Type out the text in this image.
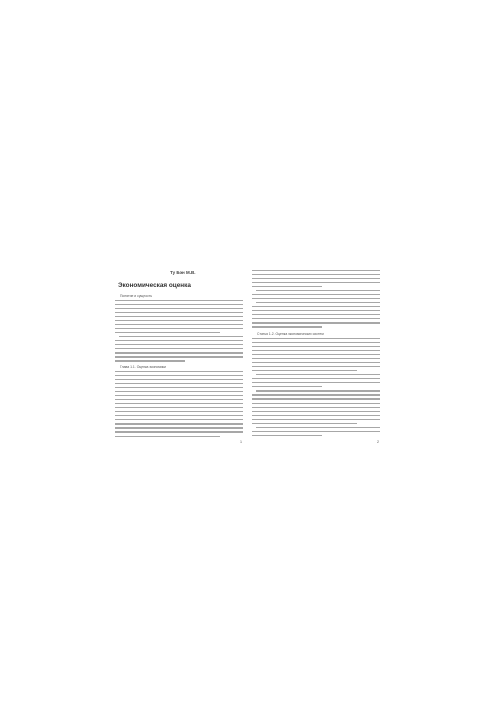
Ту Бэн М.В.
Экономическая оценка
Понятие и сущность
Глава 1.1. Оценка экономики
1
Статья 1.2. Оценка экономических систем
2
